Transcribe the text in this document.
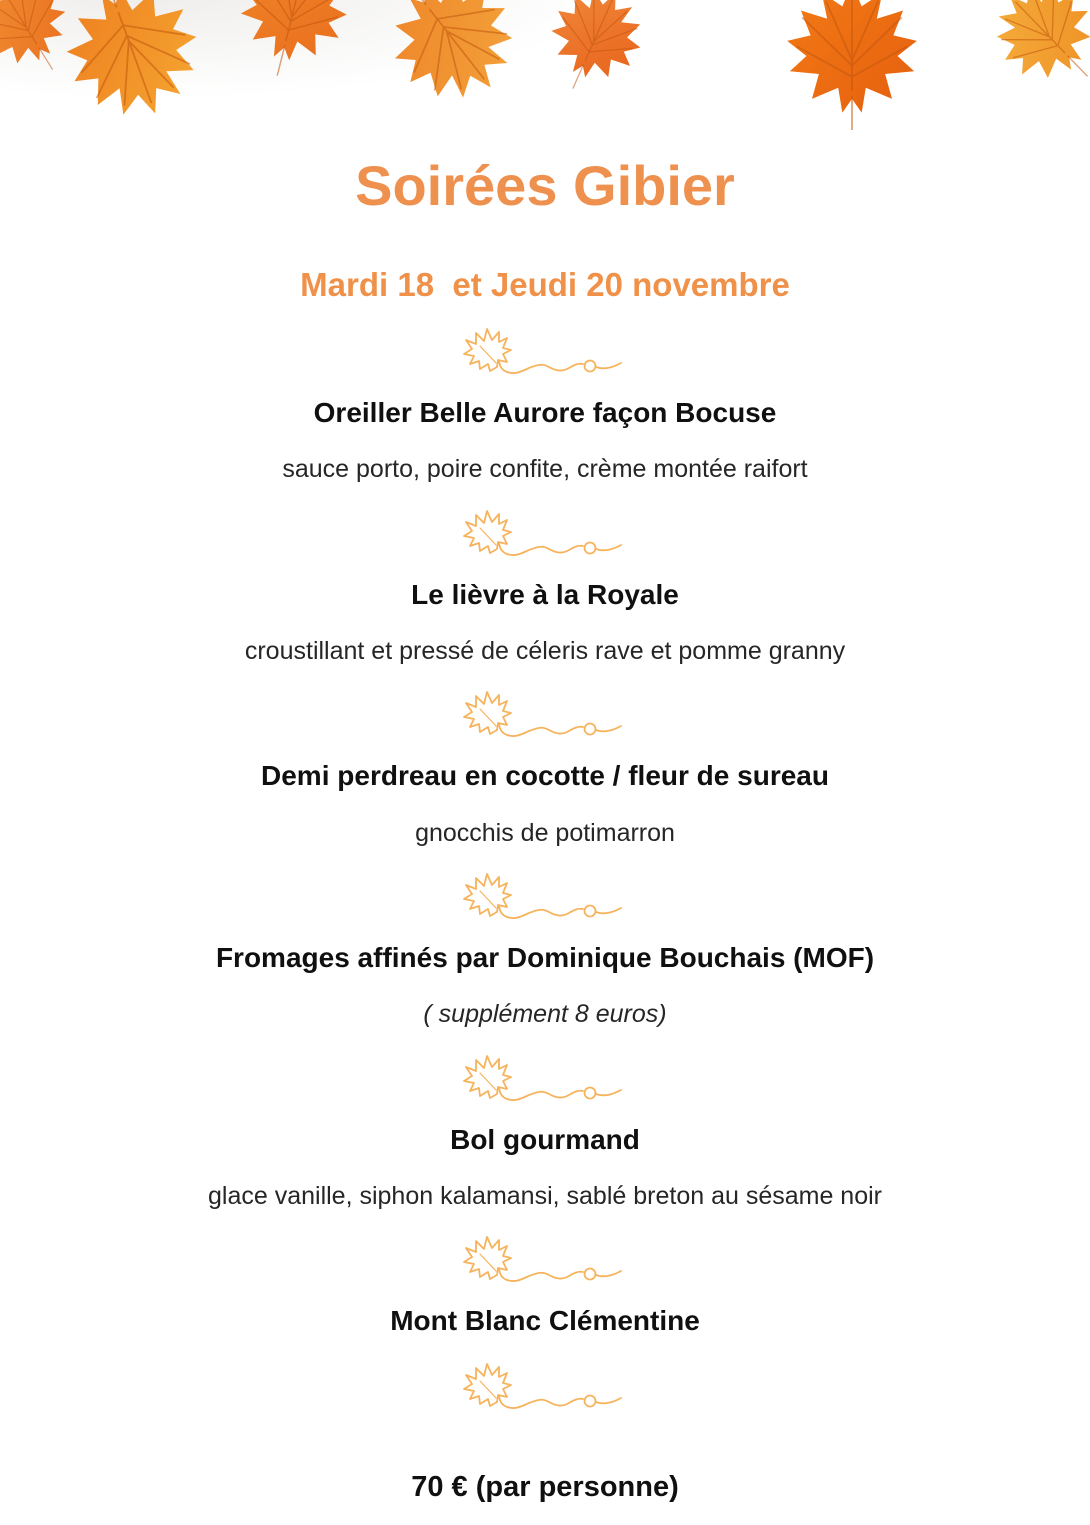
Soirées Gibier
Mardi 18  et Jeudi 20 novembre
Oreiller Belle Aurore façon Bocuse
sauce porto, poire confite, crème montée raifort
Le lièvre à la Royale
croustillant et pressé de céleris rave et pomme granny
Demi perdreau en cocotte / fleur de sureau
gnocchis de potimarron
Fromages affinés par Dominique Bouchais (MOF)
( supplément 8 euros)
Bol gourmand
glace vanille, siphon kalamansi, sablé breton au sésame noir
Mont Blanc Clémentine
70 € (par personne)
